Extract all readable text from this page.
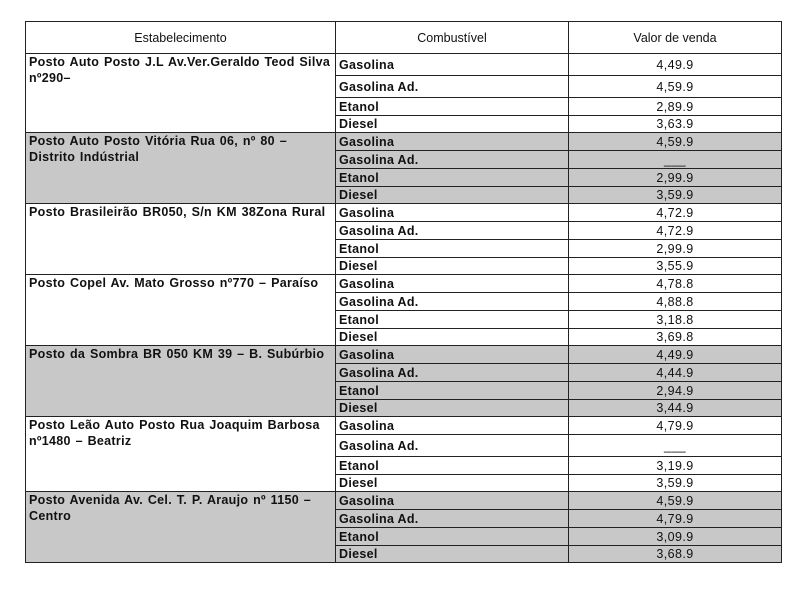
Estabelecimento	Combustível	Valor de venda
Posto Auto Posto J.L Av.Ver.Geraldo Teod Silva nº290–	Gasolina	4,49.9
	Gasolina Ad.	4,59.9
	Etanol	2,89.9
	Diesel	3,63.9
Posto Auto Posto Vitória Rua 06, nº 80 – Distrito Indústrial	Gasolina	4,59.9
	Gasolina Ad.	___
	Etanol	2,99.9
	Diesel	3,59.9
Posto Brasileirão BR050, S/n KM 38Zona Rural	Gasolina	4,72.9
	Gasolina Ad.	4,72.9
	Etanol	2,99.9
	Diesel	3,55.9
Posto Copel Av. Mato Grosso nº770 – Paraíso	Gasolina	4,78.8
	Gasolina Ad.	4,88.8
	Etanol	3,18.8
	Diesel	3,69.8
Posto da Sombra BR 050 KM 39 – B. Subúrbio	Gasolina	4,49.9
	Gasolina Ad.	4,44.9
	Etanol	2,94.9
	Diesel	3,44.9
Posto Leão Auto Posto Rua Joaquim Barbosa nº1480 – Beatriz	Gasolina	4,79.9
	Gasolina Ad.	___
	Etanol	3,19.9
	Diesel	3,59.9
Posto Avenida Av. Cel. T. P. Araujo nº 1150 – Centro	Gasolina	4,59.9
	Gasolina Ad.	4,79.9
	Etanol	3,09.9
	Diesel	3,68.9
